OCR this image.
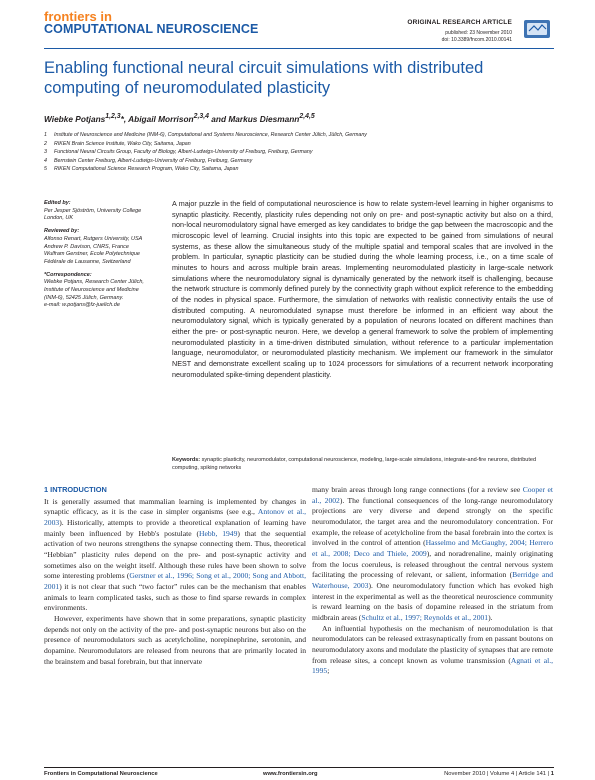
frontiers in
COMPUTATIONAL NEUROSCIENCE	ORIGINAL RESEARCH ARTICLE
published: 23 November 2010
doi: 10.3389/fncom.2010.00141
Enabling functional neural circuit simulations with distributed computing of neuromodulated plasticity
Wiebke Potjans$^{1,2,3}$*, Abigail Morrison$^{2,3,4}$ and Markus Diesmann$^{2,4,5}$
1 Institute of Neuroscience and Medicine (INM-6), Computational and Systems Neuroscience, Research Center Jülich, Jülich, Germany
2 RIKEN Brain Science Institute, Wako City, Saitama, Japan
3 Functional Neural Circuits Group, Faculty of Biology, Albert-Ludwigs-University of Freiburg, Freiburg, Germany
4 Bernstein Center Freiburg, Albert-Ludwigs-University of Freiburg, Freiburg, Germany
5 RIKEN Computational Science Research Program, Wako City, Saitama, Japan
Edited by:
Per Jesper Sjöström, University College London, UK
Reviewed by:
Alfonso Renart, Rutgers University, USA
Andrew P. Davison, CNRS, France
Wulfram Gerstner, Ecole Polytechnique Fédérale de Lausanne, Switzerland
*Correspondence:
Wiebke Potjans, Research Center Jülich, Institute of Neuroscience and Medicine (INM-6), 52425 Jülich, Germany.
e-mail: w.potjans@fz-juelich.de
A major puzzle in the field of computational neuroscience is how to relate system-level learning in higher organisms to synaptic plasticity. Recently, plasticity rules depending not only on pre- and post-synaptic activity but also on a third, non-local neuromodulatory signal have emerged as key candidates to bridge the gap between the macroscopic and the microscopic level of learning. Crucial insights into this topic are expected to be gained from simulations of neural systems, as these allow the simultaneous study of the multiple spatial and temporal scales that are involved in the problem. In particular, synaptic plasticity can be studied during the whole learning process, i.e., on a time scale of minutes to hours and across multiple brain areas. Implementing neuromodulated plasticity in large-scale network simulations where the neuromodulatory signal is dynamically generated by the network itself is challenging, because the network structure is commonly defined purely by the connectivity graph without explicit reference to the embedding of the nodes in physical space. Furthermore, the simulation of networks with realistic connectivity entails the use of distributed computing. A neuromodulated synapse must therefore be informed in an efficient way about the neuromodulatory signal, which is typically generated by a population of neurons located on different machines than either the pre- or post-synaptic neuron. Here, we develop a general framework to solve the problem of implementing neuromodulated plasticity in a time-driven distributed simulation, without reference to a particular implementation language, neuromodulator, or neuromodulated plasticity mechanism. We implement our framework in the simulator NEST and demonstrate excellent scaling up to 1024 processors for simulations of a recurrent network incorporating neuromodulated spike-timing dependent plasticity.
Keywords: synaptic plasticity, neuromodulator, computational neuroscience, modeling, large-scale simulations, integrate-and-fire neurons, distributed computing, spiking networks
1 INTRODUCTION

It is generally assumed that mammalian learning is implemented by changes in synaptic efficacy, as it is the case in simpler organisms (see e.g., Antonov et al., 2003). Historically, attempts to provide a theoretical explanation of learning have mainly been influenced by Hebb's postulate (Hebb, 1949) that the sequential activation of two neurons strengthens the synapse connecting them. Thus, theoretical “Hebbian” plasticity rules depend on the pre- and post-synaptic activity and sometimes also on the weight itself. Although these rules have been shown to solve some interesting problems (Gerstner et al., 1996; Song et al., 2000; Song and Abbott, 2001) it is not clear that such “two factor” rules can be the mechanism that enables animals to learn complicated tasks, such as those to find sparse rewards in complex environments.

However, experiments have shown that in some preparations, synaptic plasticity depends not only on the activity of the pre- and post-synaptic neurons but also on the presence of neuromodulators such as acetylcholine, norepinephrine, serotonin, and dopamine. Neuromodulators are released from neurons that are primarily located in the brainstem and basal forebrain, but that innervate

many brain areas through long range connections (for a review see Cooper et al., 2002). The functional consequences of the long-range neuromodulatory projections are very diverse and depend strongly on the specific neuromodulator, the target area and the neuromodulatory concentration. For example, the release of acetylcholine from the basal forebrain into the cortex is involved in the control of attention (Hasselmo and McGaughy, 2004; Herrero et al., 2008; Deco and Thiele, 2009), and noradrenaline, mainly originating from the locus coeruleus, is released throughout the central nervous system facilitating the processing of relevant, or salient, information (Berridge and Waterhouse, 2003). One neuromodulatory function which has evoked high interest in the experimental as well as the theoretical neuroscience community is reward learning on the basis of dopamine released in the striatum from midbrain areas (Schultz et al., 1997; Reynolds et al., 2001).

An influential hypothesis on the mechanism of neuromodulation is that neuromodulators can be released extrasynaptically from en passant boutons on neuromodulatory axons and modulate the plasticity of synapses that are remote from release sites, a concept known as volume transmission (Agnati et al., 1995;

Frontiers in Computational Neuroscience	www.frontiersin.org	November 2010 | Volume 4 | Article 141 | 1
